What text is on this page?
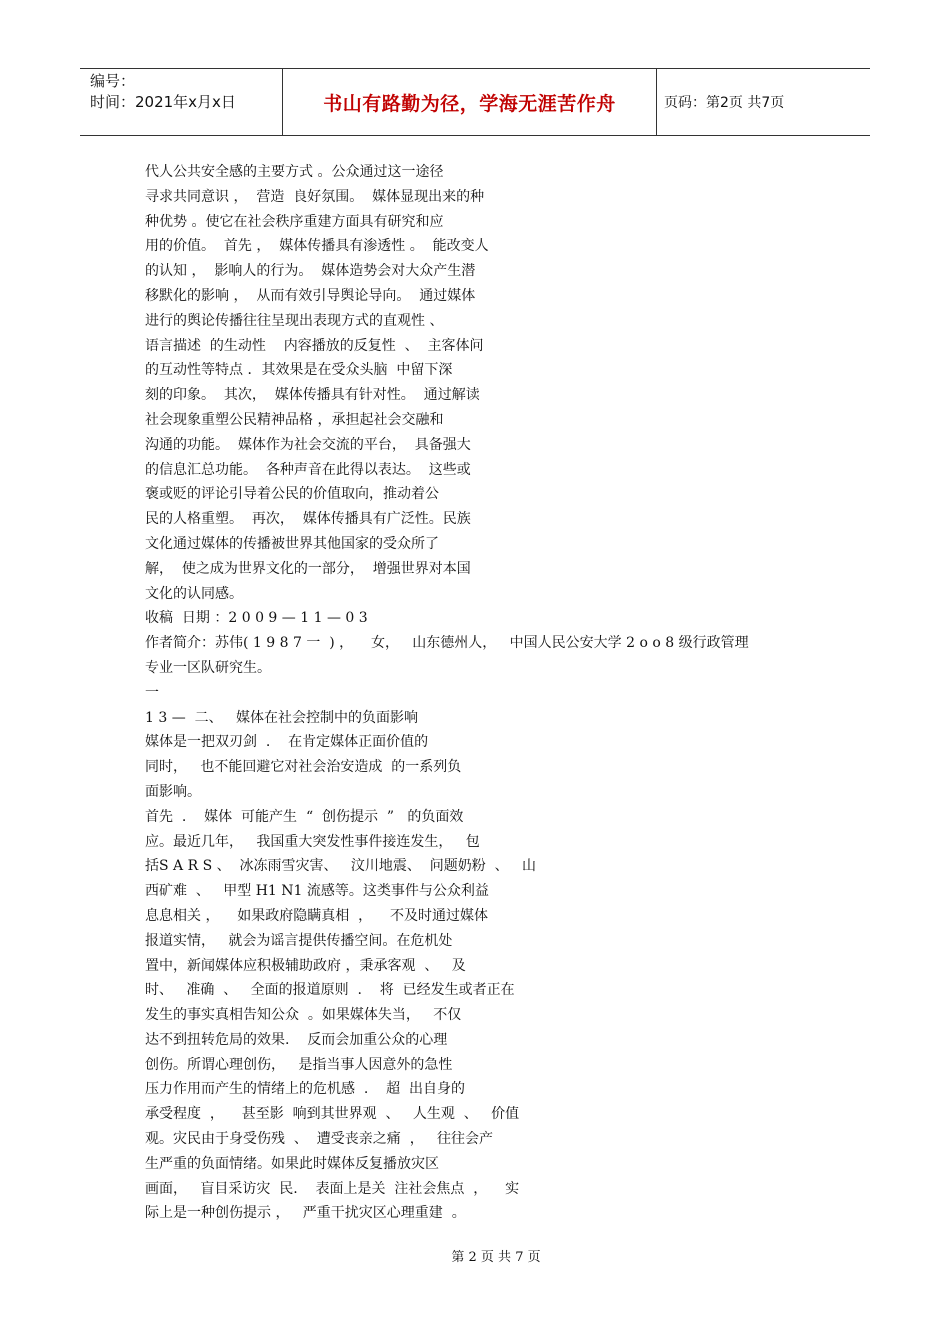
编号：
时间：2021年x月x日	书山有路勤为径，学海无涯苦作舟	页码：第2页 共7页
代人公共安全感的主要方式 。公众通过这一途径
寻求共同意识 ，  营造  良好氛围。  媒体显现出来的种
种优势 。使它在社会秩序重建方面具有研究和应
用的价值。  首先 ，  媒体传播具有渗透性 。  能改变人
的认知 ，  影响人的行为。  媒体造势会对大众产生潜
移默化的影响 ，  从而有效引导舆论导向。  通过媒体
进行的舆论传播往往呈现出表现方式的直观性 、
语言描述  的生动性    内容播放的反复性  、  主客体问
的互动性等特点 ．其效果是在受众头脑  中留下深
刻的印象。  其次，  媒体传播具有针对性。  通过解读
社会现象重塑公民精神品格 ，承担起社会交融和
沟通的功能。  媒体作为社会交流的平台，  具备强大
的信息汇总功能。  各种声音在此得以表达。  这些或
褒或贬的评论引导着公民的价值取向，推动着公
民的人格重塑。  再次，  媒体传播具有广泛性。民族
文化通过媒体的传播被世界其他国家的受众所了
解，  使之成为世界文化的一部分，  增强世界对本国
文化的认同感。
收稿  日期 ：2 0 0 9 — 1 1 — 0 3
作者简介：苏伟( 1 9 8 7 一  ) ，    女，   山东德州人，   中国人民公安大学 2 o o 8 级行政管理
专业一区队研究生。
一
1 3 —  二、   媒体在社会控制中的负面影响
媒体是一把双刃剑  .    在肯定媒体正面价值的
同时，   也不能回避它对社会治安造成  的一系列负
面影响。
首先  .    媒体  可能产生  “  创伤提示  ”   的负面效
应。最近几年，   我国重大突发性事件接连发生，   包
括S A R S 、  冰冻雨雪灾害、   汶川地震、  问题奶粉  、   山
西矿难  、   甲型 H1 N1 流感等。这类事件与公众利益
息息相关 ，    如果政府隐瞒真相  ，    不及时通过媒体
报道实情，   就会为谣言提供传播空间。在危机处
置中，新闻媒体应积极辅助政府 ，秉承客观  、   及
时、   准确  、   全面的报道原则  .    将  已经发生或者正在
发生的事实真相告知公众  。如果媒体失当，   不仅
达不到扭转危局的效果.    反而会加重公众的心理
创伤。所谓心理创伤，   是指当事人因意外的急性
压力作用而产生的情绪上的危机感  .    超  出自身的
承受程度  ，    甚至影  响到其世界观  、   人生观  、   价值
观。灾民由于身受伤残  、  遭受丧亲之痛  ，   往往会产
生严重的负面情绪。如果此时媒体反复播放灾区
画面，   盲目采访灾  民.    表面上是关  注社会焦点  ，    实
际上是一种创伤提示 ，   严重干扰灾区心理重建  。
第 2 页 共 7 页
